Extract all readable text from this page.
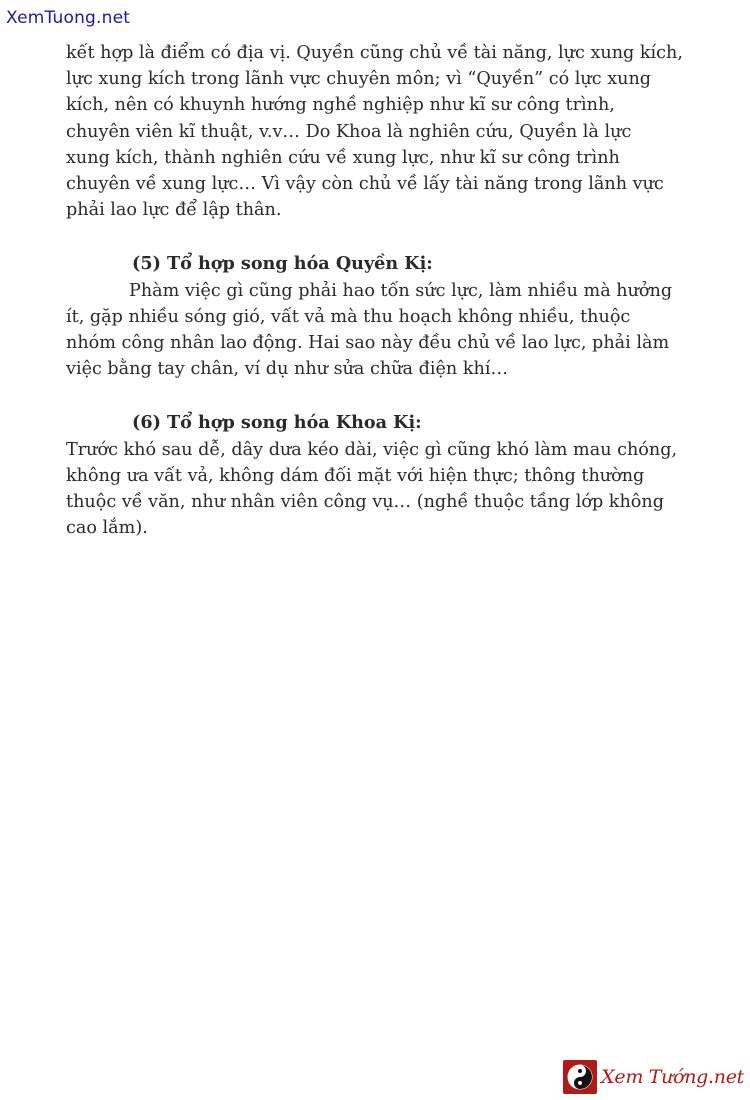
XemTuong.net

kết hợp là điểm có địa vị. Quyền cũng chủ về tài năng, lực xung kích,

lực xung kích trong lãnh vực chuyên môn; vì “Quyền” có lực xung

kích, nên có khuynh hướng nghề nghiệp như kĩ sư công trình,

chuyên viên kĩ thuật, v.v… Do Khoa là nghiên cứu, Quyền là lực

xung kích, thành nghiên cứu về xung lực, như kĩ sư công trình

chuyên về xung lực… Vì vậy còn chủ về lấy tài năng trong lãnh vực

phải lao lực để lập thân.

(5) Tổ hợp song hóa Quyền Kị:

Phàm việc gì cũng phải hao tốn sức lực, làm nhiều mà hưởng

ít, gặp nhiều sóng gió, vất vả mà thu hoạch không nhiều, thuộc

nhóm công nhân lao động. Hai sao này đều chủ về lao lực, phải làm

việc bằng tay chân, ví dụ như sửa chữa điện khí…

(6) Tổ hợp song hóa Khoa Kị:

Trước khó sau dễ, dây dưa kéo dài, việc gì cũng khó làm mau chóng,

không ưa vất vả, không dám đối mặt với hiện thực; thông thường

thuộc về văn, như nhân viên công vụ… (nghề thuộc tầng lớp không

cao lắm).

Xem Tướng.net
